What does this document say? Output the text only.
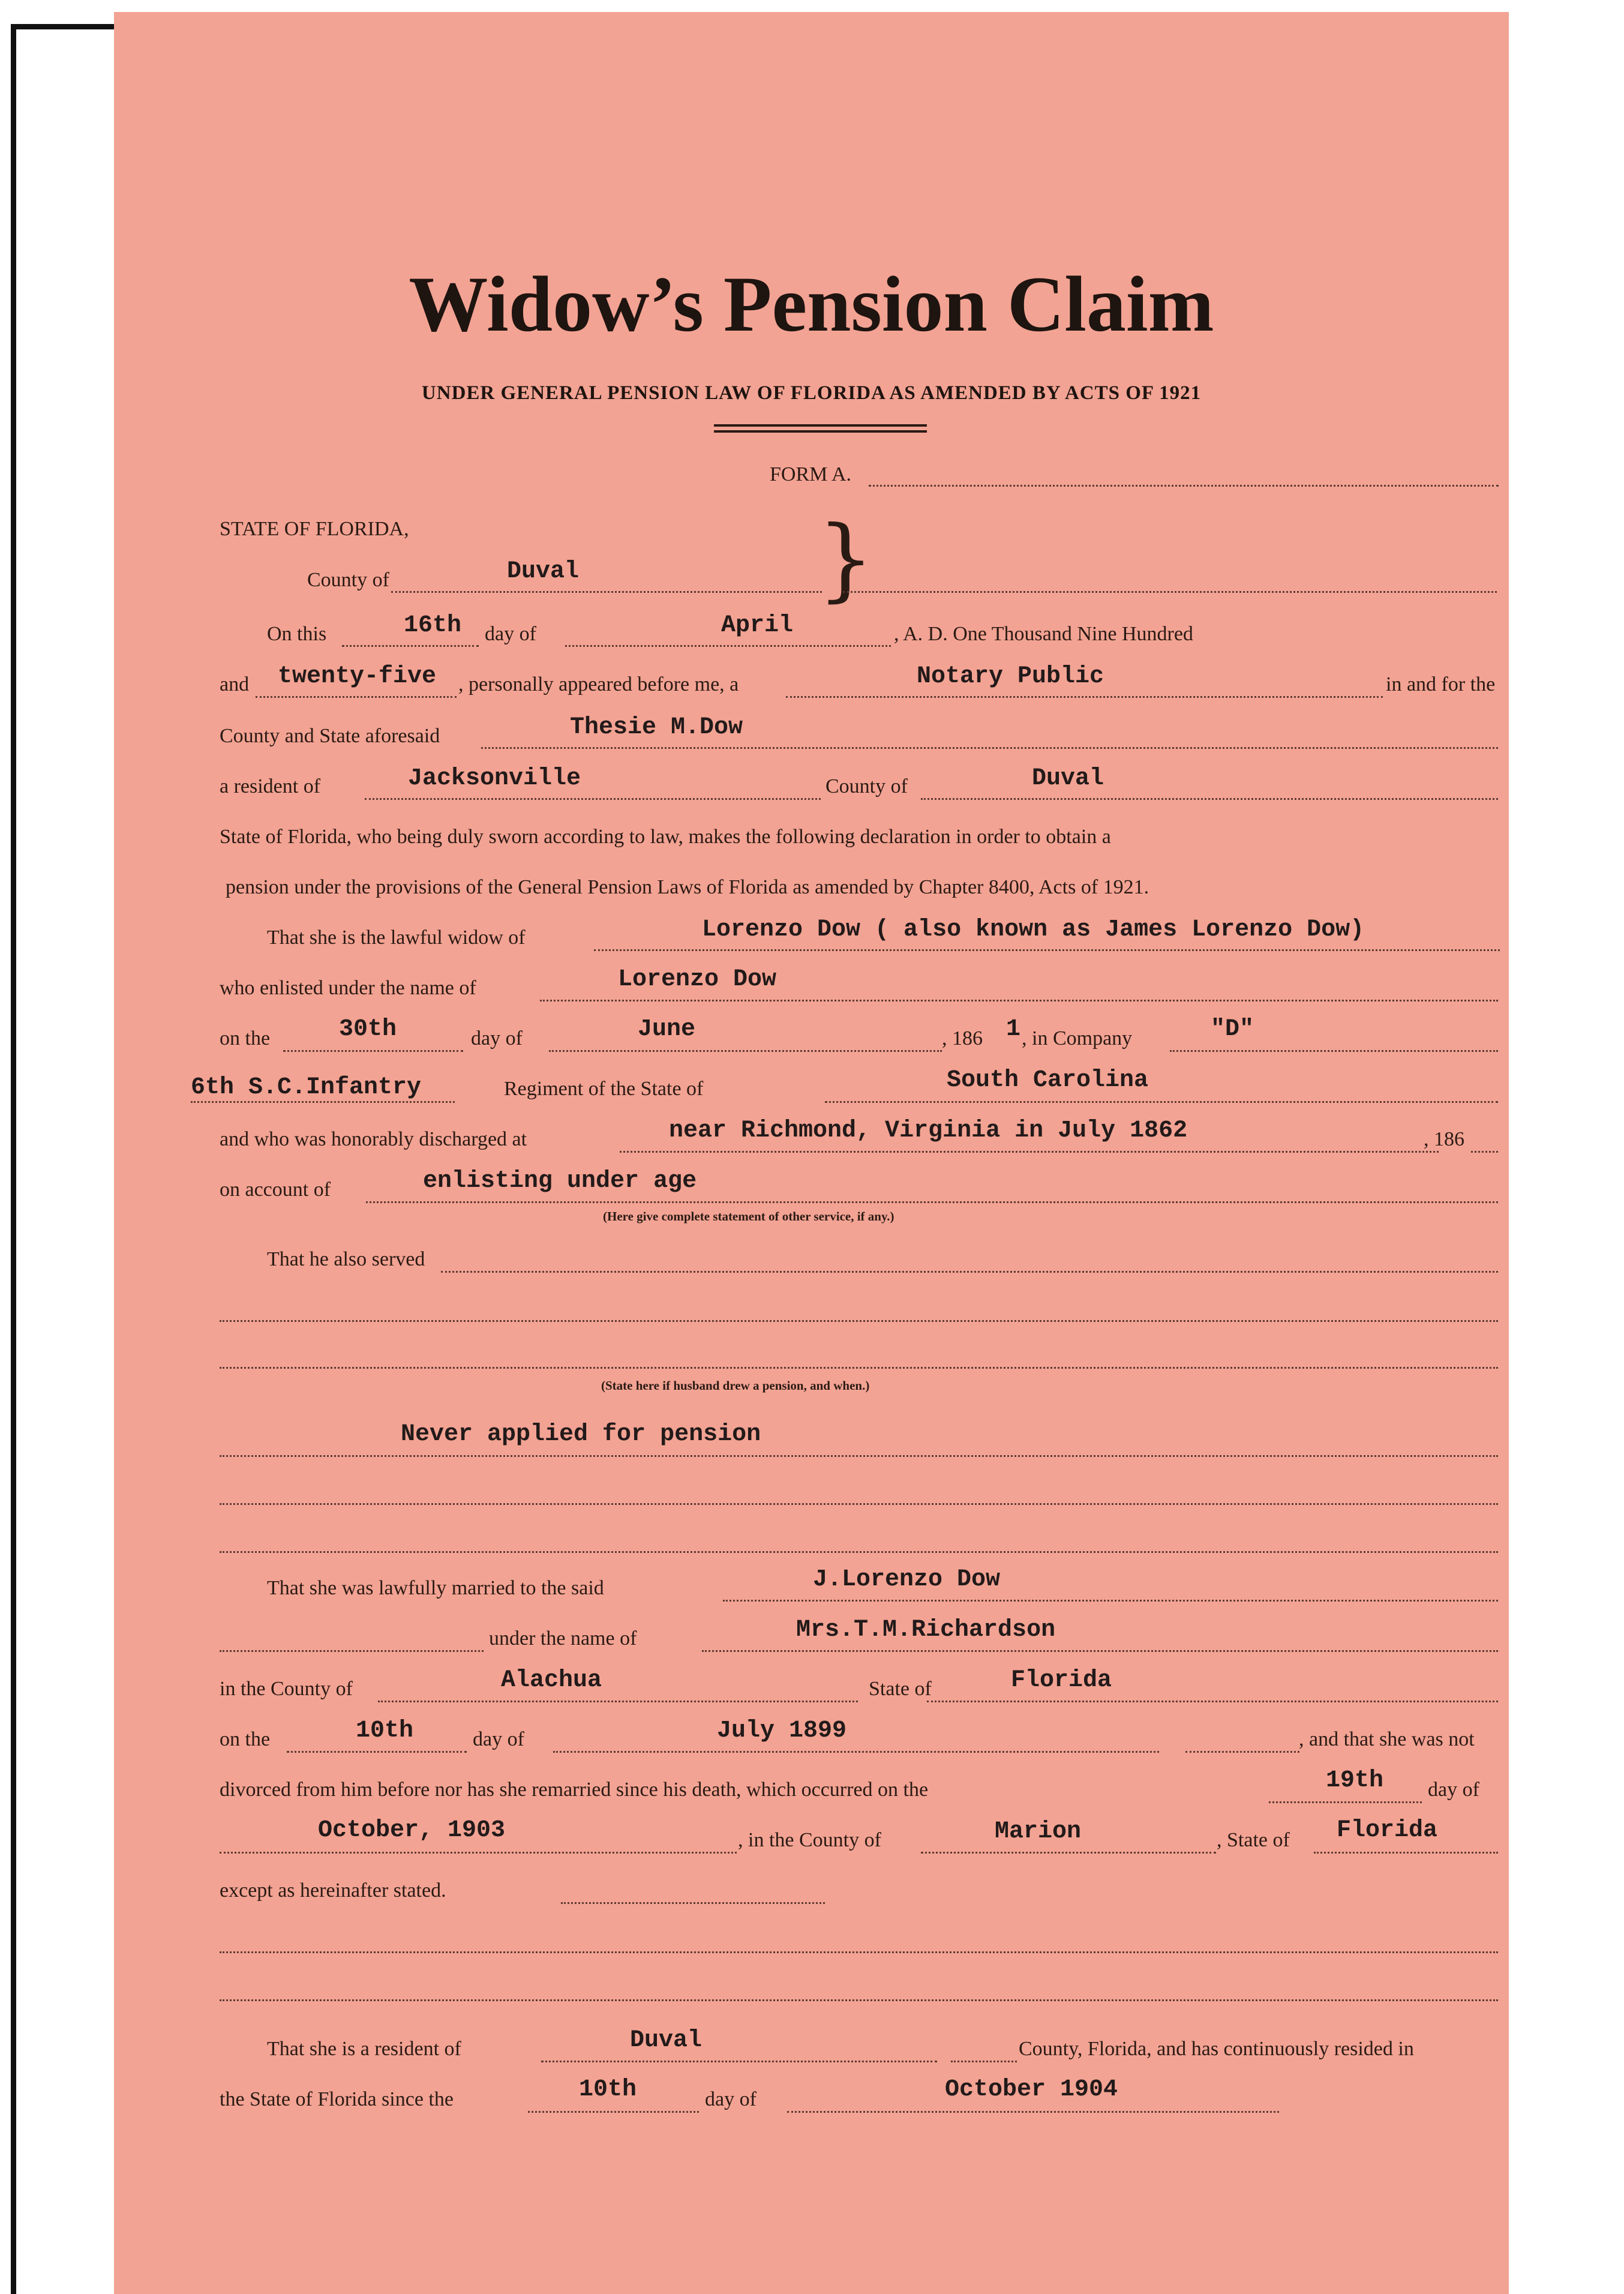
Widow’s Pension Claim
UNDER GENERAL PENSION LAW OF FLORIDA AS AMENDED BY ACTS OF 1921
FORM A.
STATE OF FLORIDA,	}
County of	Duval
On this	16th day of	April	, A. D. One Thousand Nine Hundred
and twenty-five , personally appeared before me, a	Notary Public	in and for the
County and State aforesaid	Thesie M.Dow
a resident of	Jacksonville	County of	Duval
State of Florida, who being duly sworn according to law, makes the following declaration in order to obtain a
pension under the provisions of the General Pension Laws of Florida as amended by Chapter 8400, Acts of 1921.
That she is the lawful widow of	Lorenzo Dow ( also known as James Lorenzo Dow)
who enlisted under the name of	Lorenzo Dow
on the	30th	day of	June	, 186 1 , in Company	"D"
6th S.C.Infantry	Regiment of the State of	South Carolina
and who was honorably discharged at	near Richmond, Virginia in July 1862	, 186
on account of	enlisting under age
(Here give complete statement of other service, if any.)
That he also served
(State here if husband drew a pension, and when.)
Never applied for pension
That she was lawfully married to the said	J.Lorenzo Dow
under the name of	Mrs.T.M.Richardson
in the County of	Alachua	State of	Florida
on the	10th	day of	July 1899	, and that she was not
divorced from him before nor has she remarried since his death, which occurred on the	19th day of
October, 1903	, in the County of	Marion	, State of Florida
except as hereinafter stated.
That she is a resident of	Duval	County, Florida, and has continuously resided in
the State of Florida since the	10th	day of	October 1904
